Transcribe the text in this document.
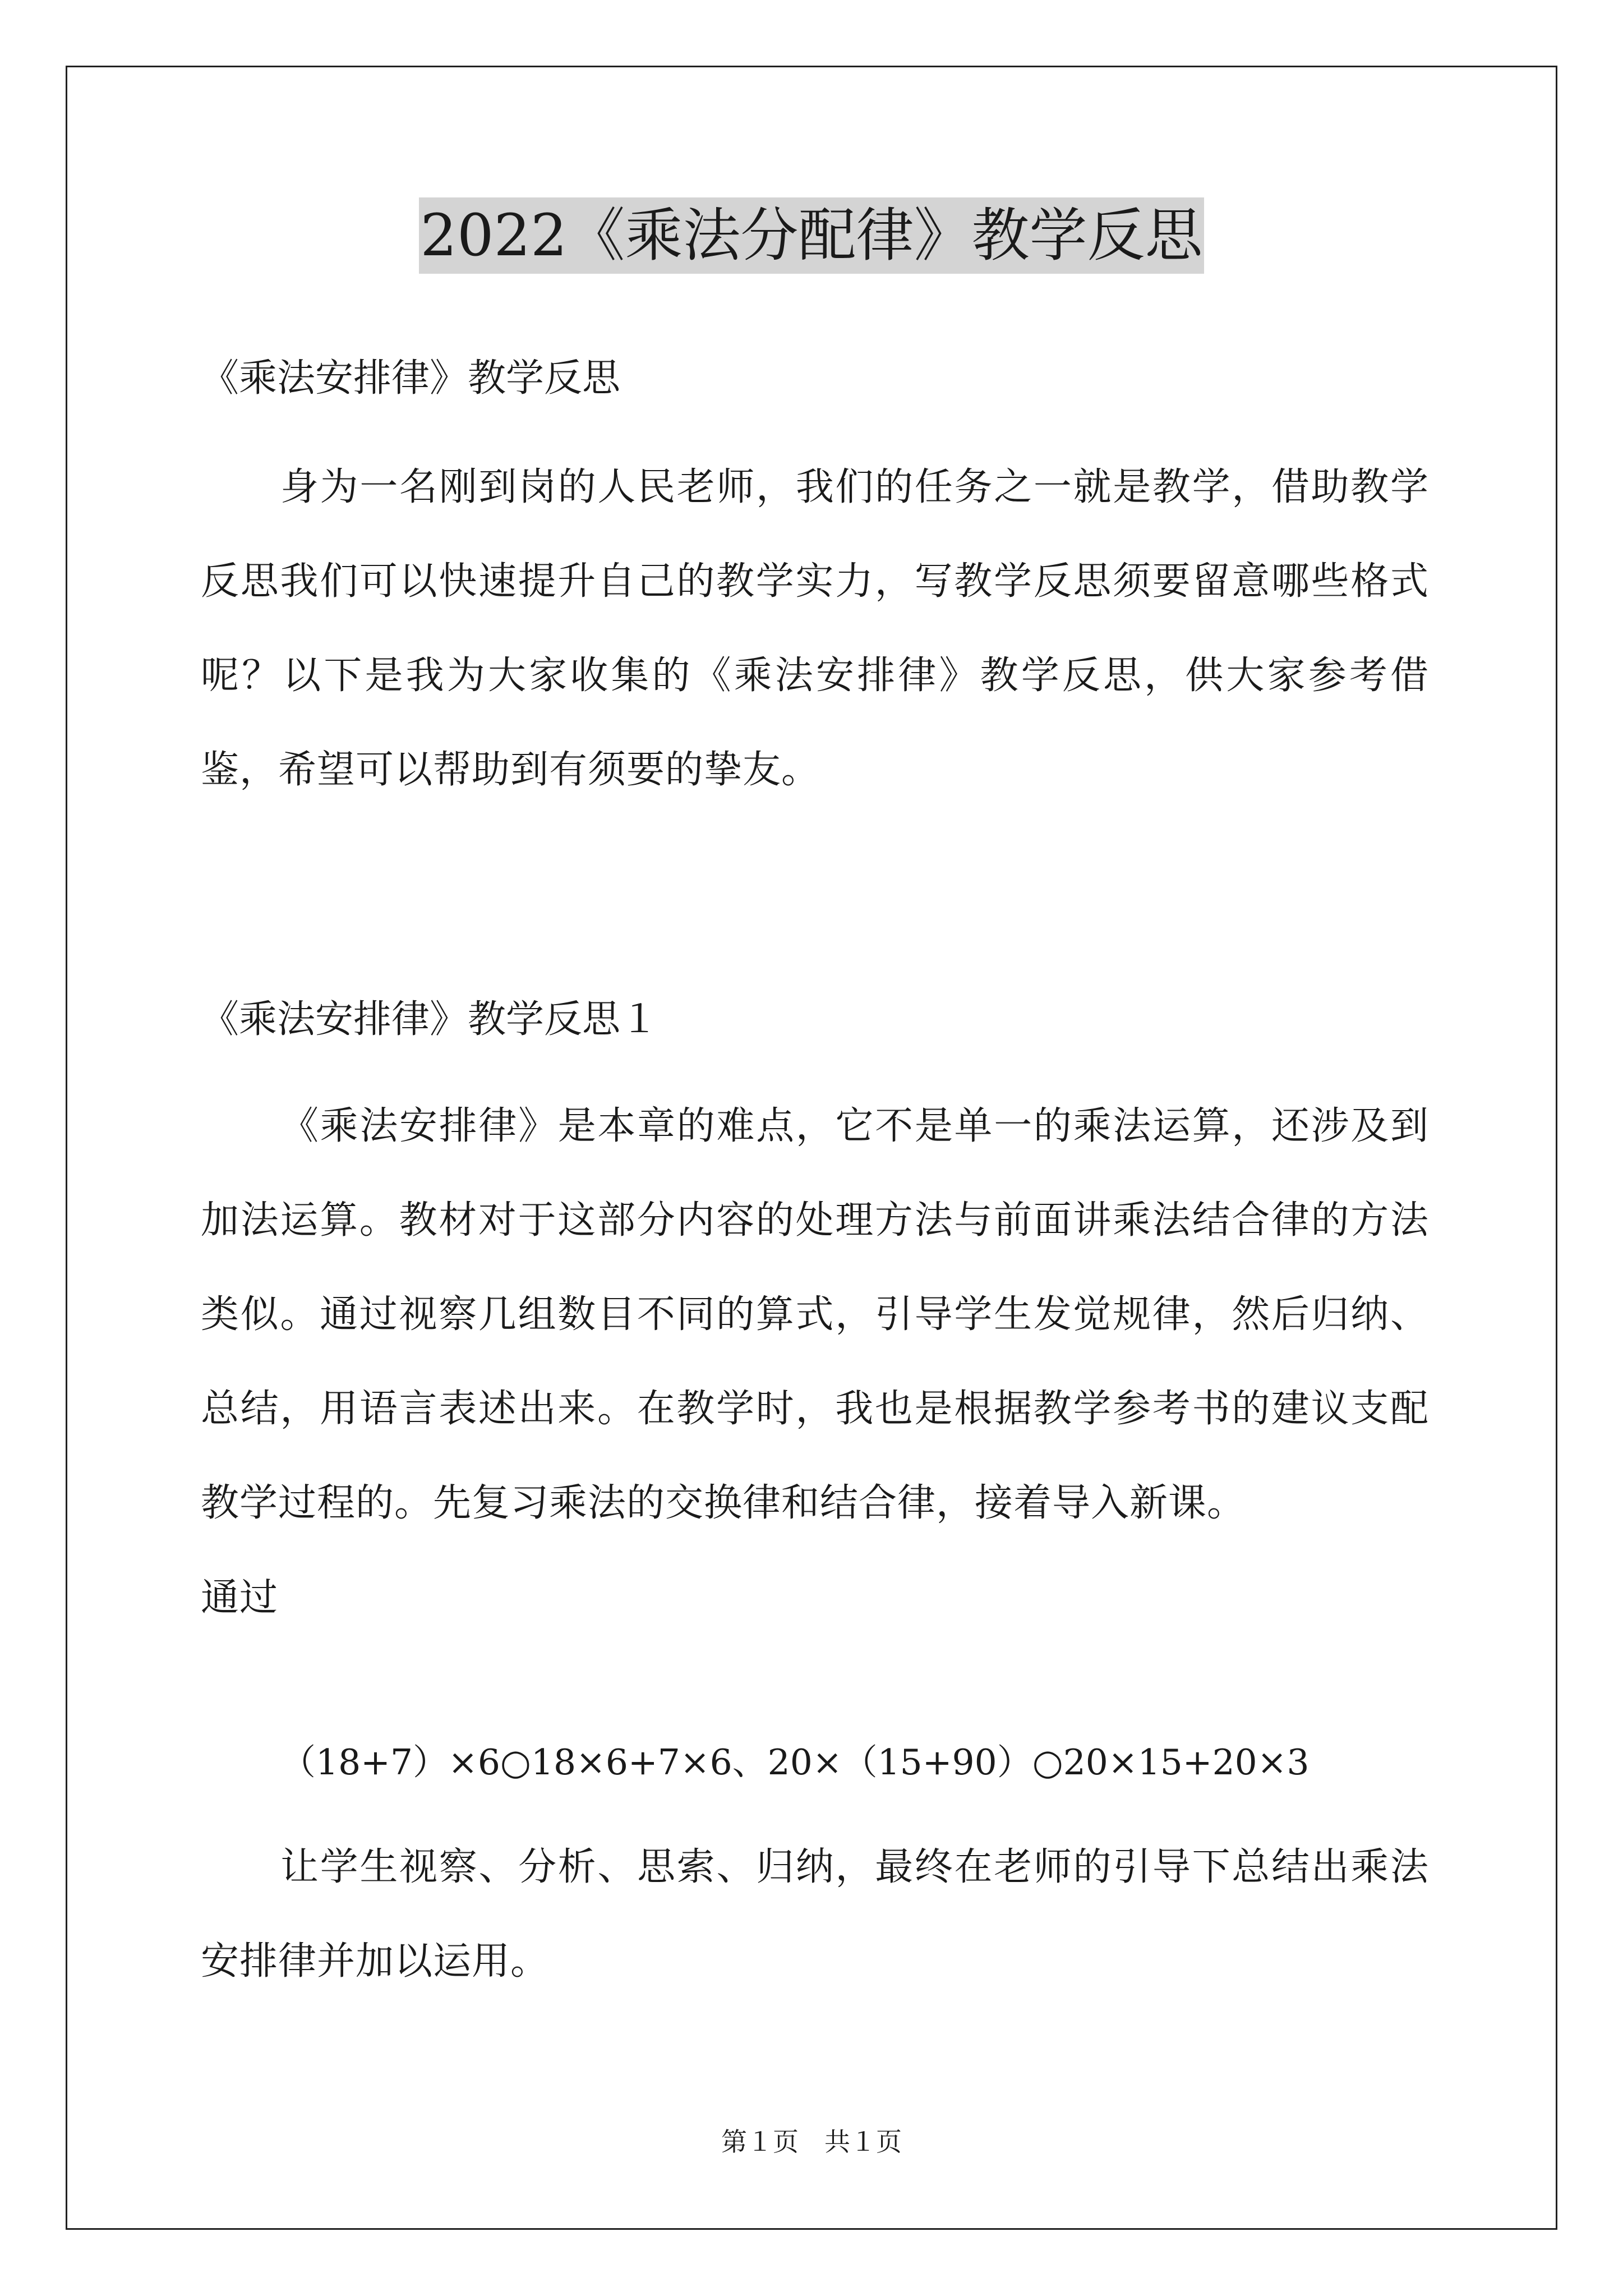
2022《乘法分配律》教学反思
《乘法安排律》教学反思

身为一名刚到岗的人民老师，我们的任务之一就是教学，借助教学反思我们可以快速提升自己的教学实力，写教学反思须要留意哪些格式呢？以下是我为大家收集的《乘法安排律》教学反思，供大家参考借鉴，希望可以帮助到有须要的挚友。

《乘法安排律》教学反思１

《乘法安排律》是本章的难点，它不是单一的乘法运算，还涉及到加法运算。教材对于这部分内容的处理方法与前面讲乘法结合律的方法类似。通过视察几组数目不同的算式，引导学生发觉规律，然后归纳、总结，用语言表述出来。在教学时，我也是根据教学参考书的建议支配教学过程的。先复习乘法的交换律和结合律，接着导入新课。

通过

（18+7）×6○18×6+7×6、20×（15+90）○20×15+20×3

让学生视察、分析、思索、归纳，最终在老师的引导下总结出乘法安排律并加以运用。

第１页　共１页
